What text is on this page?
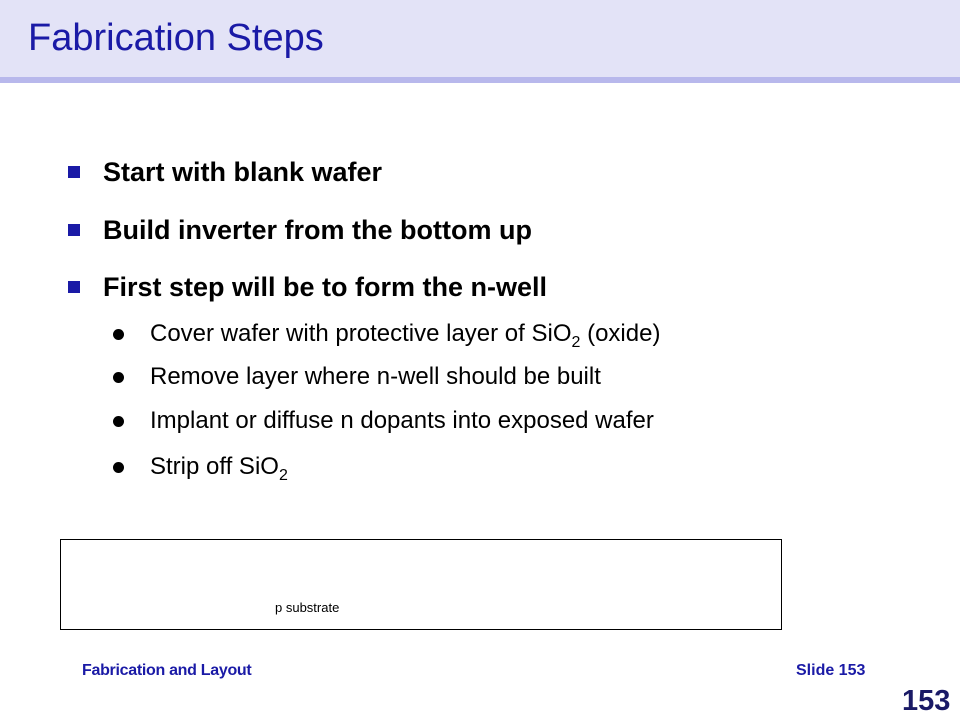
Fabrication Steps
Start with blank wafer
Build inverter from the bottom up
First step will be to form the n-well
Cover wafer with protective layer of SiO$_2$ (oxide)
Remove layer where n-well should be built
Implant or diffuse n dopants into exposed wafer
Strip off SiO$_2$
p substrate
Fabrication and Layout	Slide 153
153
